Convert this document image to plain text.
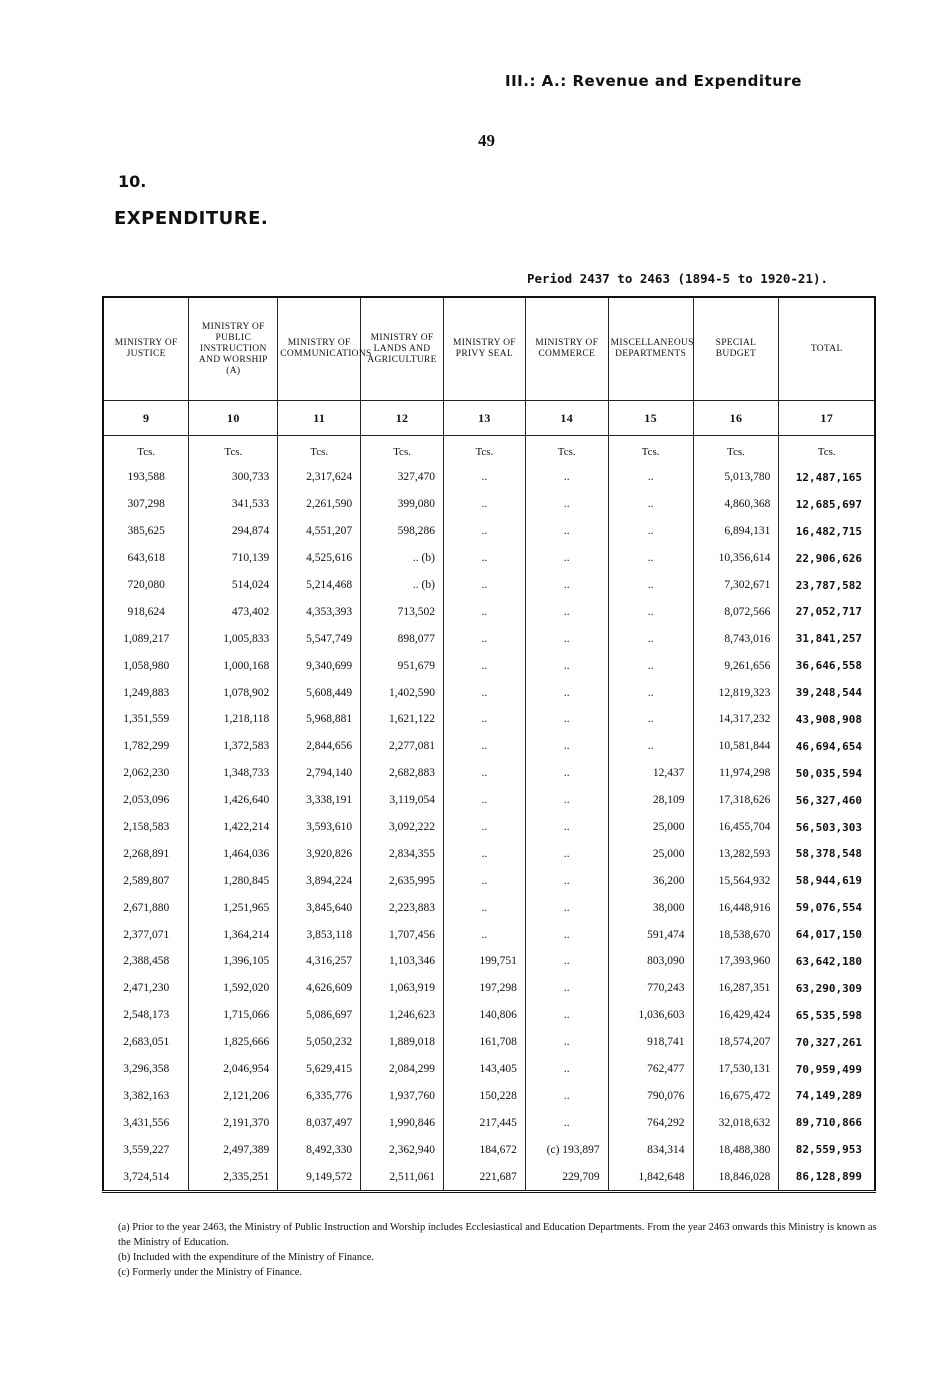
III.: A.: Revenue and Expenditure
49
10.
EXPENDITURE.
Period 2437 to 2463 (1894-5 to 1920-21).
MINISTRY OF JUSTICE	MINISTRY OF PUBLIC INSTRUCTION AND WORSHIP (A)	MINISTRY OF COMMUNICATIONS	MINISTRY OF LANDS AND AGRICULTURE	MINISTRY OF PRIVY SEAL	MINISTRY OF COMMERCE	MISCELLANEOUS DEPARTMENTS	SPECIAL BUDGET	TOTAL
9	10	11	12	13	14	15	16	17
Tcs.	Tcs.	Tcs.	Tcs.	Tcs.	Tcs.	Tcs.	Tcs.	Tcs.
193,588	300,733	2,317,624	327,470	..	..	..	5,013,780	12,487,165
307,298	341,533	2,261,590	399,080	..	..	..	4,860,368	12,685,697
385,625	294,874	4,551,207	598,286	..	..	..	6,894,131	16,482,715
643,618	710,139	4,525,616	.. (b)	..	..	..	10,356,614	22,906,626
720,080	514,024	5,214,468	.. (b)	..	..	..	7,302,671	23,787,582
918,624	473,402	4,353,393	713,502	..	..	..	8,072,566	27,052,717
1,089,217	1,005,833	5,547,749	898,077	..	..	..	8,743,016	31,841,257
1,058,980	1,000,168	9,340,699	951,679	..	..	..	9,261,656	36,646,558
1,249,883	1,078,902	5,608,449	1,402,590	..	..	..	12,819,323	39,248,544
1,351,559	1,218,118	5,968,881	1,621,122	..	..	..	14,317,232	43,908,908
1,782,299	1,372,583	2,844,656	2,277,081	..	..	..	10,581,844	46,694,654
2,062,230	1,348,733	2,794,140	2,682,883	..	..	12,437	11,974,298	50,035,594
2,053,096	1,426,640	3,338,191	3,119,054	..	..	28,109	17,318,626	56,327,460
2,158,583	1,422,214	3,593,610	3,092,222	..	..	25,000	16,455,704	56,503,303
2,268,891	1,464,036	3,920,826	2,834,355	..	..	25,000	13,282,593	58,378,548
2,589,807	1,280,845	3,894,224	2,635,995	..	..	36,200	15,564,932	58,944,619
2,671,880	1,251,965	3,845,640	2,223,883	..	..	38,000	16,448,916	59,076,554
2,377,071	1,364,214	3,853,118	1,707,456	..	..	591,474	18,538,670	64,017,150
2,388,458	1,396,105	4,316,257	1,103,346	199,751	..	803,090	17,393,960	63,642,180
2,471,230	1,592,020	4,626,609	1,063,919	197,298	..	770,243	16,287,351	63,290,309
2,548,173	1,715,066	5,086,697	1,246,623	140,806	..	1,036,603	16,429,424	65,535,598
2,683,051	1,825,666	5,050,232	1,889,018	161,708	..	918,741	18,574,207	70,327,261
3,296,358	2,046,954	5,629,415	2,084,299	143,405	..	762,477	17,530,131	70,959,499
3,382,163	2,121,206	6,335,776	1,937,760	150,228	..	790,076	16,675,472	74,149,289
3,431,556	2,191,370	8,037,497	1,990,846	217,445	..	764,292	32,018,632	89,710,866
3,559,227	2,497,389	8,492,330	2,362,940	184,672	(c) 193,897	834,314	18,488,380	82,559,953
3,724,514	2,335,251	9,149,572	2,511,061	221,687	229,709	1,842,648	18,846,028	86,128,899

(a) Prior to the year 2463, the Ministry of Public Instruction and Worship includes Ecclesiastical and Education Departments. From the year 2463 onwards this Ministry is known as the Ministry of Education.

(b) Included with the expenditure of the Ministry of Finance.

(c) Formerly under the Ministry of Finance.
